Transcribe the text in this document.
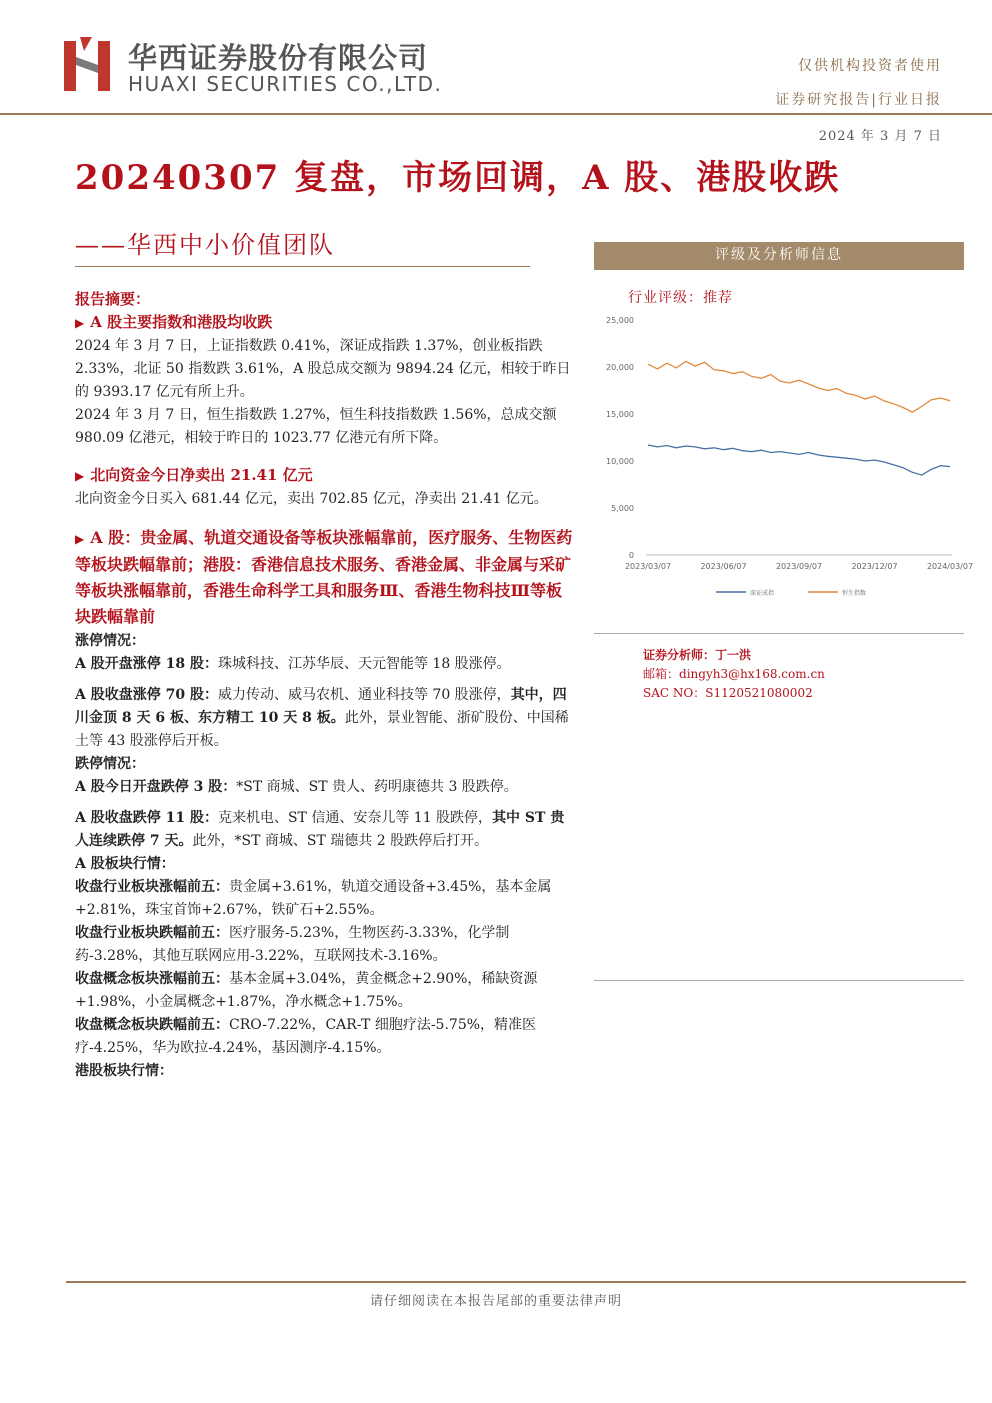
华西证券股份有限公司
HUAXI SECURITIES CO.,LTD.
仅供机构投资者使用
证券研究报告|行业日报
2024 年 3 月 7 日
20240307 复盘，市场回调，A 股、港股收跌
——华西中小价值团队	评级及分析师信息
行业评级：推荐
25,000
20,000
15,000
10,000
5,000
0
2023/03/07	2023/06/07	2023/09/07	2023/12/07	2024/03/07
深证成指	恒生指数
证券分析师：丁一洪
邮箱：dingyh3@hx168.com.cn
SAC NO：S1120521080002

报告摘要：

▶ A 股主要指数和港股均收跌

2024 年 3 月 7 日，上证指数跌 0.41%，深证成指跌 1.37%，创业板指跌 2.33%，北证 50 指数跌 3.61%，A 股总成交额为 9894.24 亿元，相较于昨日的 9393.17 亿元有所上升。

2024 年 3 月 7 日，恒生指数跌 1.27%，恒生科技指数跌 1.56%，总成交额 980.09 亿港元，相较于昨日的 1023.77 亿港元有所下降。

▶ 北向资金今日净卖出 21.41 亿元

北向资金今日买入 681.44 亿元，卖出 702.85 亿元，净卖出 21.41 亿元。

▶ A 股：贵金属、轨道交通设备等板块涨幅靠前，医疗服务、生物医药等板块跌幅靠前；港股：香港信息技术服务、香港金属、非金属与采矿等板块涨幅靠前，香港生命科学工具和服务Ⅲ、香港生物科技Ⅲ等板块跌幅靠前

涨停情况：

A 股开盘涨停 18 股：珠城科技、江苏华辰、天元智能等 18 股涨停。

A 股收盘涨停 70 股：威力传动、威马农机、通业科技等 70 股涨停，其中，四川金顶 8 天 6 板、东方精工 10 天 8 板。此外，景业智能、浙矿股份、中国稀土等 43 股涨停后开板。

跌停情况：

A 股今日开盘跌停 3 股：*ST 商城、ST 贵人、药明康德共 3 股跌停。

A 股收盘跌停 11 股：克来机电、ST 信通、安奈儿等 11 股跌停，其中 ST 贵人连续跌停 7 天。此外，*ST 商城、ST 瑞德共 2 股跌停后打开。

A 股板块行情：

收盘行业板块涨幅前五：贵金属+3.61%，轨道交通设备+3.45%，基本金属+2.81%，珠宝首饰+2.67%，铁矿石+2.55%。

收盘行业板块跌幅前五：医疗服务-5.23%，生物医药-3.33%，化学制药-3.28%，其他互联网应用-3.22%，互联网技术-3.16%。

收盘概念板块涨幅前五：基本金属+3.04%，黄金概念+2.90%，稀缺资源+1.98%，小金属概念+1.87%，净水概念+1.75%。

收盘概念板块跌幅前五：CRO-7.22%，CAR-T 细胞疗法-5.75%，精准医疗-4.25%，华为欧拉-4.24%，基因测序-4.15%。

港股板块行情：

请仔细阅读在本报告尾部的重要法律声明
